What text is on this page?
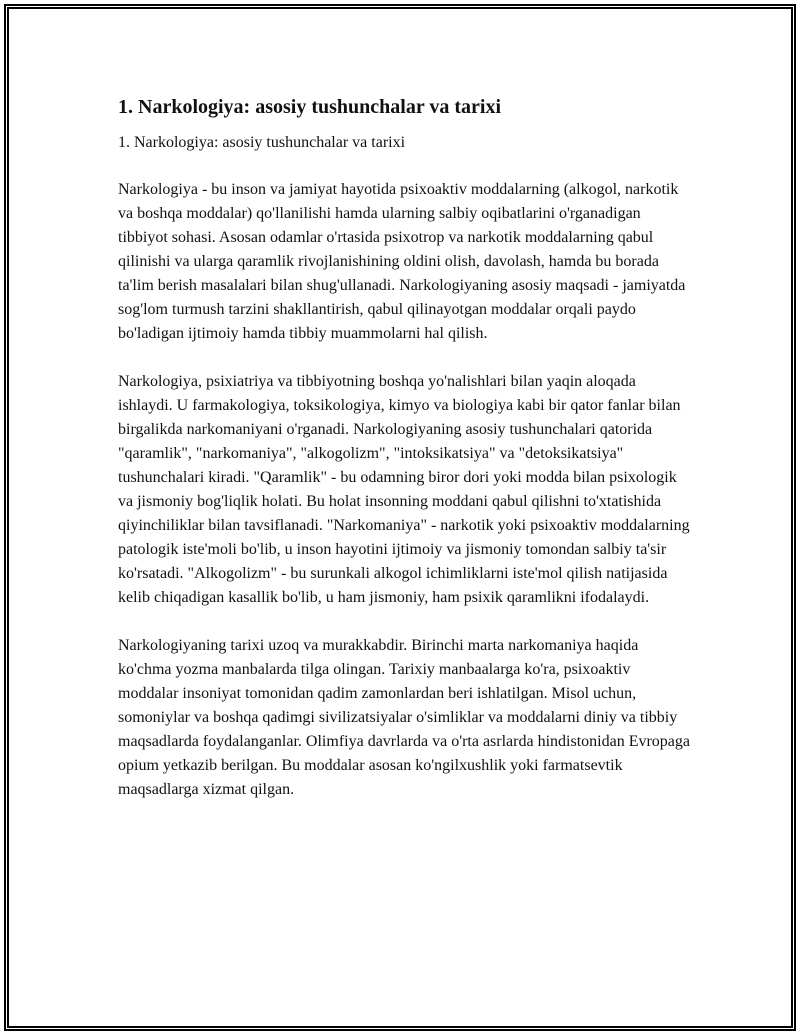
1. Narkologiya: asosiy tushunchalar va tarixi

1. Narkologiya: asosiy tushunchalar va tarixi

Narkologiya - bu inson va jamiyat hayotida psixoaktiv moddalarning (alkogol, narkotik va boshqa moddalar) qo'llanilishi hamda ularning salbiy oqibatlarini o'rganadigan tibbiyot sohasi. Asosan odamlar o'rtasida psixotrop va narkotik moddalarning qabul qilinishi va ularga qaramlik rivojlanishining oldini olish, davolash, hamda bu borada ta'lim berish masalalari bilan shug'ullanadi. Narkologiyaning asosiy maqsadi - jamiyatda sog'lom turmush tarzini shakllantirish, qabul qilinayotgan moddalar orqali paydo bo'ladigan ijtimoiy hamda tibbiy muammolarni hal qilish.

Narkologiya, psixiatriya va tibbiyotning boshqa yo'nalishlari bilan yaqin aloqada ishlaydi. U farmakologiya, toksikologiya, kimyo va biologiya kabi bir qator fanlar bilan birgalikda narkomaniyani o'rganadi. Narkologiyaning asosiy tushunchalari qatorida "qaramlik", "narkomaniya", "alkogolizm", "intoksikatsiya" va "detoksikatsiya" tushunchalari kiradi. "Qaramlik" - bu odamning biror dori yoki modda bilan psixologik va jismoniy bog'liqlik holati. Bu holat insonning moddani qabul qilishni to'xtatishida qiyinchiliklar bilan tavsiflanadi. "Narkomaniya" - narkotik yoki psixoaktiv moddalarning patologik iste'moli bo'lib, u inson hayotini ijtimoiy va jismoniy tomondan salbiy ta'sir ko'rsatadi. "Alkogolizm" - bu surunkali alkogol ichimliklarni iste'mol qilish natijasida kelib chiqadigan kasallik bo'lib, u ham jismoniy, ham psixik qaramlikni ifodalaydi.

Narkologiyaning tarixi uzoq va murakkabdir. Birinchi marta narkomaniya haqida ko'chma yozma manbalarda tilga olingan. Tarixiy manbaalarga ko'ra, psixoaktiv moddalar insoniyat tomonidan qadim zamonlardan beri ishlatilgan. Misol uchun, somoniylar va boshqa qadimgi sivilizatsiyalar o'simliklar va moddalarni diniy va tibbiy maqsadlarda foydalanganlar. Olimfiya davrlarda va o'rta asrlarda hindistonidan Evropaga opium yetkazib berilgan. Bu moddalar asosan ko'ngilxushlik yoki farmatsevtik maqsadlarga xizmat qilgan.
